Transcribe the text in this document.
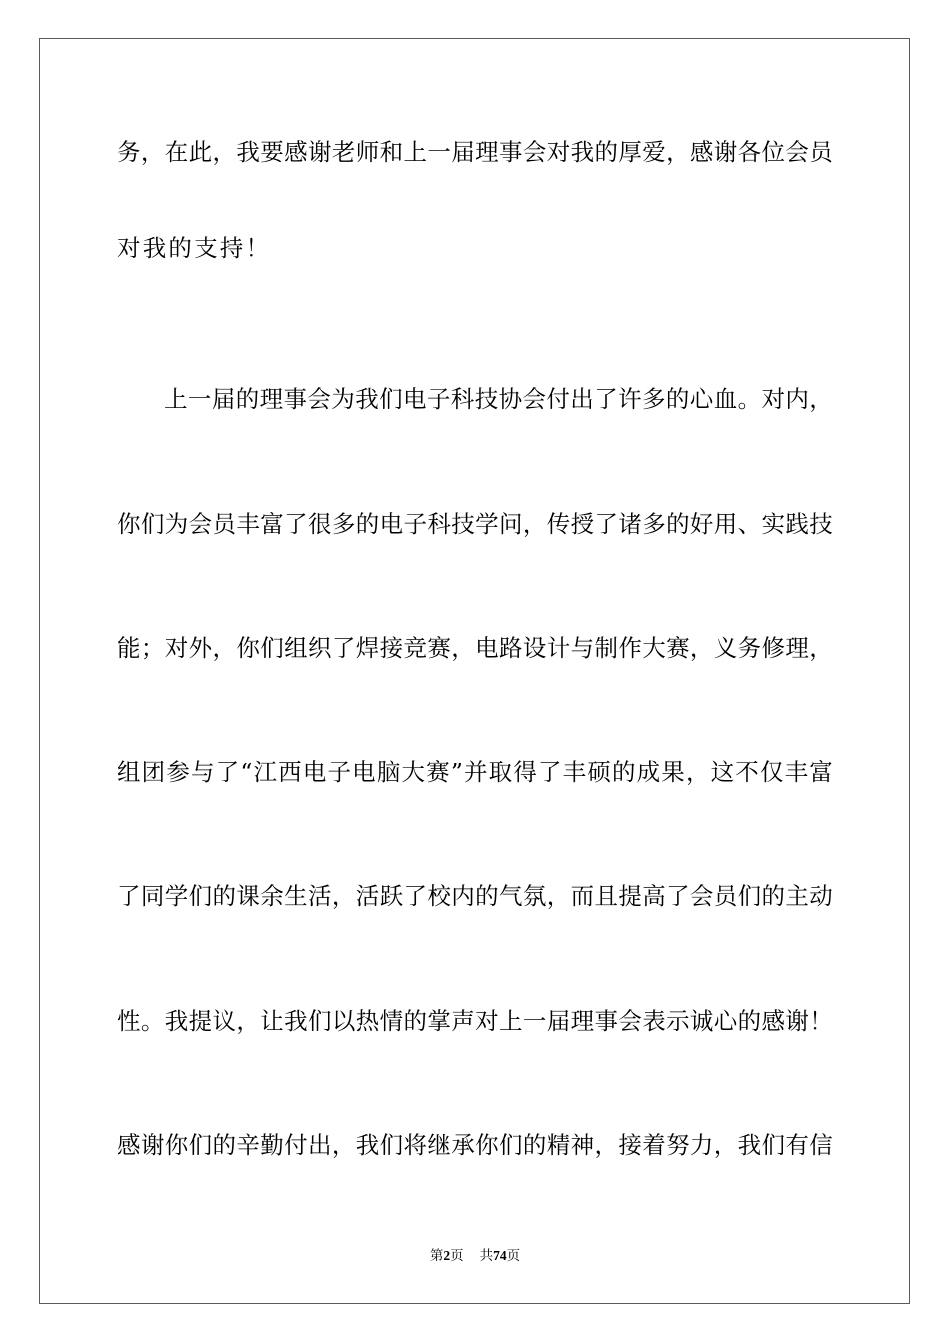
务，在此，我要感谢老师和上一届理事会对我的厚爱，感谢各位会员
对我的支持！
上一届的理事会为我们电子科技协会付出了许多的心血。对内，
你们为会员丰富了很多的电子科技学问，传授了诸多的好用、实践技
能；对外，你们组织了焊接竞赛，电路设计与制作大赛，义务修理，
组团参与了“江西电子电脑大赛”并取得了丰硕的成果，这不仅丰富
了同学们的课余生活，活跃了校内的气氛，而且提高了会员们的主动
性。我提议，让我们以热情的掌声对上一届理事会表示诚心的感谢！
感谢你们的辛勤付出，我们将继承你们的精神，接着努力，我们有信
第2页 共74页
